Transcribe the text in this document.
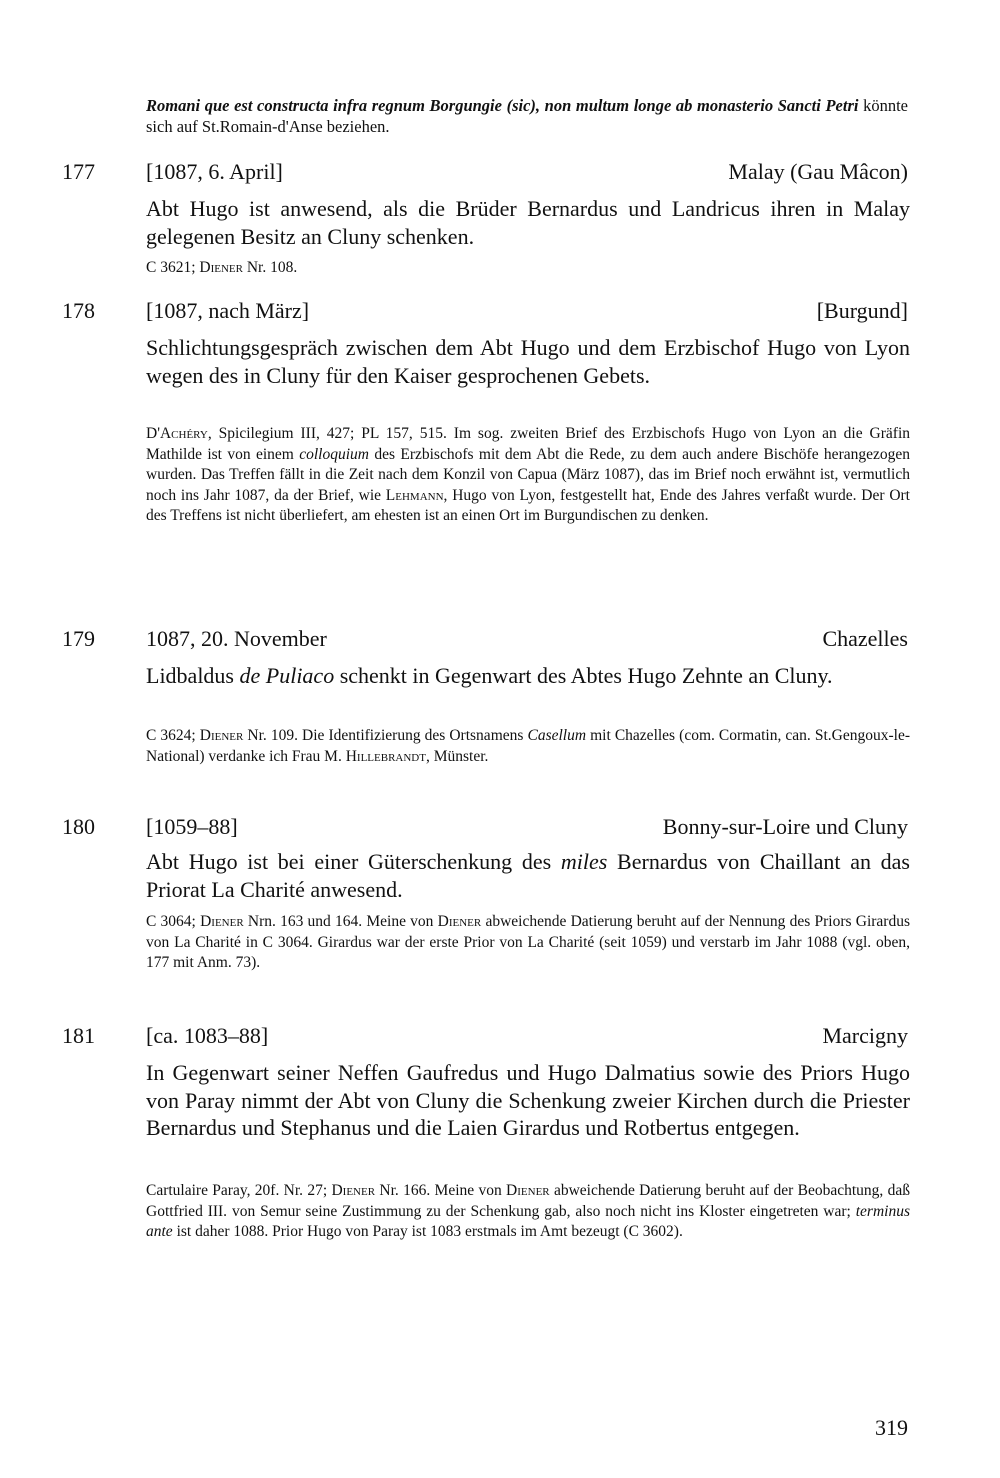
Romani que est constructa infra regnum Borgungie (sic), non multum longe ab monasterio Sancti Petri könnte sich auf St.Romain-d'Anse beziehen.
177 [1087, 6. April]	Malay (Gau Mâcon)
Abt Hugo ist anwesend, als die Brüder Bernardus und Landricus ihren in Malay gelegenen Besitz an Cluny schenken.
C 3621; Diener Nr. 108.
178 [1087, nach März]	[Burgund]
Schlichtungsgespräch zwischen dem Abt Hugo und dem Erzbischof Hugo von Lyon wegen des in Cluny für den Kaiser gesprochenen Gebets.
D'Achéry, Spicilegium III, 427; PL 157, 515. Im sog. zweiten Brief des Erzbischofs Hugo von Lyon an die Gräfin Mathilde ist von einem colloquium des Erzbischofs mit dem Abt die Rede, zu dem auch andere Bischöfe herangezogen wurden. Das Treffen fällt in die Zeit nach dem Konzil von Capua (März 1087), das im Brief noch erwähnt ist, vermutlich noch ins Jahr 1087, da der Brief, wie Lehmann, Hugo von Lyon, festgestellt hat, Ende des Jahres verfaßt wurde. Der Ort des Treffens ist nicht überliefert, am ehesten ist an einen Ort im Burgundischen zu denken.
179 1087, 20. November	Chazelles
Lidbaldus de Puliaco schenkt in Gegenwart des Abtes Hugo Zehnte an Cluny.
C 3624; Diener Nr. 109. Die Identifizierung des Ortsnamens Casellum mit Chazelles (com. Cormatin, can. St.Gengoux-le-National) verdanke ich Frau M. Hillebrandt, Münster.
180 [1059–88]	Bonny-sur-Loire und Cluny
Abt Hugo ist bei einer Güterschenkung des miles Bernardus von Chaillant an das Priorat La Charité anwesend.
C 3064; Diener Nrn. 163 und 164. Meine von Diener abweichende Datierung beruht auf der Nennung des Priors Girardus von La Charité in C 3064. Girardus war der erste Prior von La Charité (seit 1059) und verstarb im Jahr 1088 (vgl. oben, 177 mit Anm. 73).
181 [ca. 1083–88]	Marcigny
In Gegenwart seiner Neffen Gaufredus und Hugo Dalmatius sowie des Priors Hugo von Paray nimmt der Abt von Cluny die Schenkung zweier Kirchen durch die Priester Bernardus und Stephanus und die Laien Girardus und Rotbertus entgegen.
Cartulaire Paray, 20f. Nr. 27; Diener Nr. 166. Meine von Diener abweichende Datierung beruht auf der Beobachtung, daß Gottfried III. von Semur seine Zustimmung zu der Schenkung gab, also noch nicht ins Kloster eingetreten war; terminus ante ist daher 1088. Prior Hugo von Paray ist 1083 erstmals im Amt bezeugt (C 3602).
319
